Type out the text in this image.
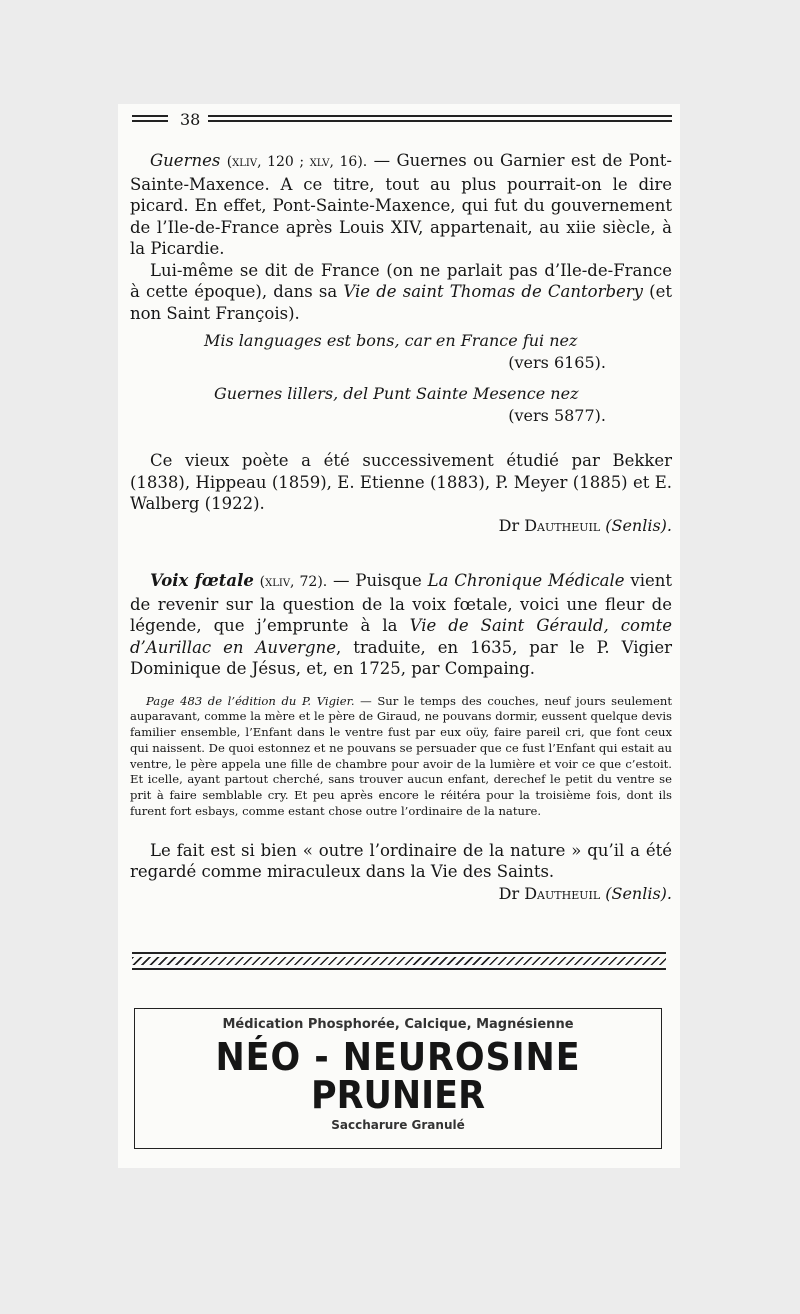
38

Guernes (xliv, 120 ; xlv, 16). — Guernes ou Garnier est de Pont-Sainte-Maxence. A ce titre, tout au plus pourrait-on le dire picard. En effet, Pont-Sainte-Maxence, qui fut du gouvernement de l’Ile-de-France après Louis XIV, appartenait, au xiie siècle, à la Picardie.

Lui-même se dit de France (on ne parlait pas d’Ile-de-France à cette époque), dans sa Vie de saint Thomas de Cantorbery (et non Saint François).

Mis languages est bons, car en France fui nez

(vers 6165).

Guernes lillers, del Punt Sainte Mesence nez

(vers 5877).

Ce vieux poète a été successivement étudié par Bekker (1838), Hippeau (1859), E. Etienne (1883), P. Meyer (1885) et E. Walberg (1922).

Dr Dautheuil (Senlis).

Voix fœtale (xliv, 72). — Puisque La Chronique Médicale vient de revenir sur la question de la voix fœtale, voici une fleur de légende, que j’emprunte à la Vie de Saint Gérauld, comte d’Aurillac en Auvergne, traduite, en 1635, par le P. Vigier Dominique de Jésus, et, en 1725, par Compaing.

Page 483 de l’édition du P. Vigier. — Sur le temps des couches, neuf jours seulement auparavant, comme la mère et le père de Giraud, ne pouvans dormir, eussent quelque devis familier ensemble, l’Enfant dans le ventre fust par eux oüy, faire pareil cri, que font ceux qui naissent. De quoi estonnez et ne pouvans se persuader que ce fust l’Enfant qui estait au ventre, le père appela une fille de chambre pour avoir de la lumière et voir ce que c’estoit. Et icelle, ayant partout cherché, sans trouver aucun enfant, derechef le petit du ventre se prit à faire semblable cry. Et peu après encore le réitéra pour la troisième fois, dont ils furent fort esbays, comme estant chose outre l’ordinaire de la nature.

Le fait est si bien « outre l’ordinaire de la nature » qu’il a été regardé comme miraculeux dans la Vie des Saints.

Dr Dautheuil (Senlis).

Médication Phosphorée, Calcique, Magnésienne
NÉO - NEUROSINE
PRUNIER
Saccharure Granulé
